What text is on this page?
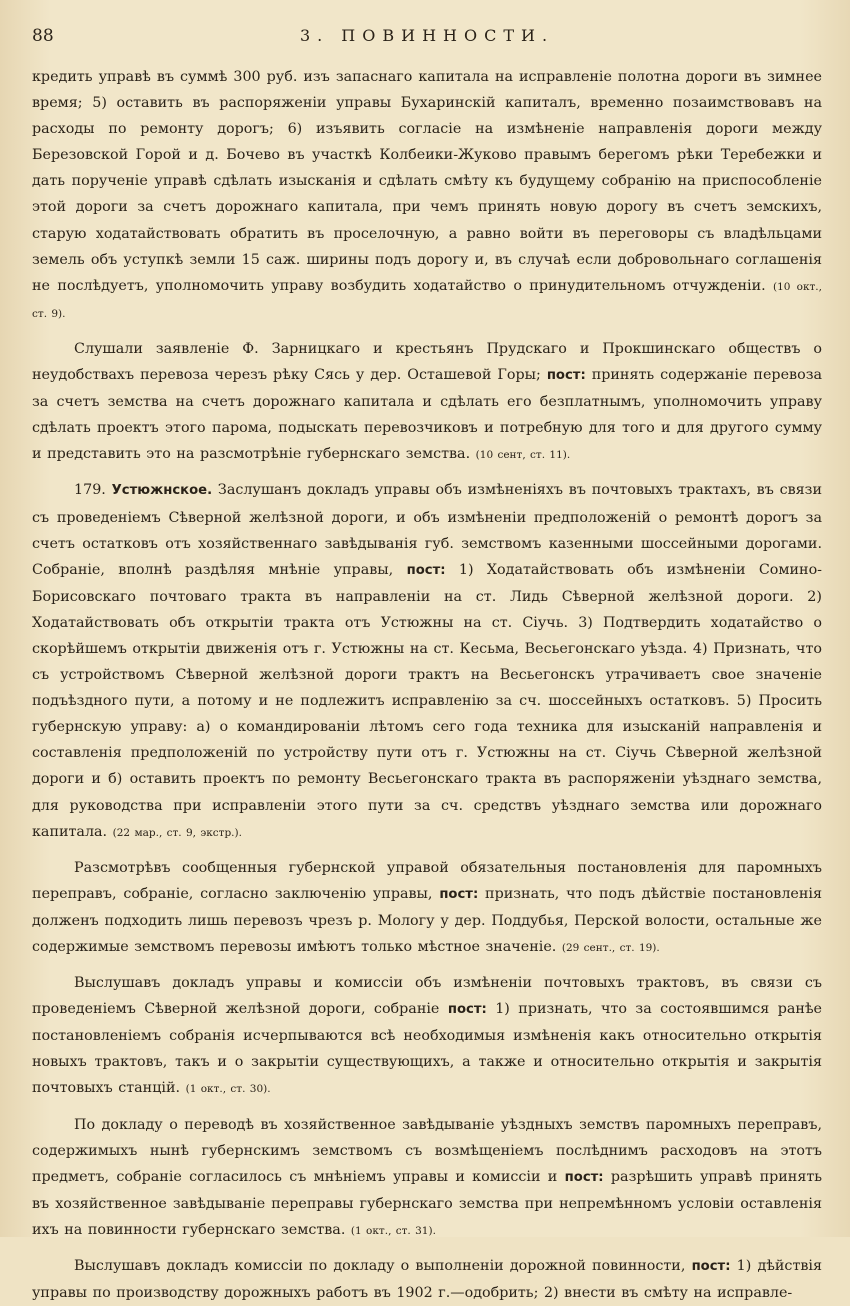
88	3. ПОВИННОСТИ.

кредить управѣ въ суммѣ 300 руб. изъ запаснаго капитала на исправленіе полотна дороги въ зимнее время; 5) оставить въ распоряженіи управы Бухаринскій капиталъ, временно позаимствовавъ на расходы по ремонту дорогъ; 6) изъявить согласіе на измѣненіе направленія дороги между Березовской Горой и д. Бочево въ участкѣ Колбеики-Жуково правымъ берегомъ рѣки Теребежки и дать порученіе управѣ сдѣлать изысканія и сдѣлать смѣту къ будущему собранію на приспособленіе этой дороги за счетъ дорожнаго капитала, при чемъ принять новую дорогу въ счетъ земскихъ, старую ходатайствовать обратить въ проселочную, а равно войти въ переговоры съ владѣльцами земель объ уступкѣ земли 15 саж. ширины подъ дорогу и, въ случаѣ если добровольнаго соглашенія не послѣдуетъ, уполномочить управу возбудить ходатайство о принудительномъ отчужденіи. (10 окт., ст. 9).

Слушали заявленіе Ф. Зарницкаго и крестьянъ Прудскаго и Прокшинскаго обществъ о неудобствахъ перевоза черезъ рѣку Сясь у дер. Осташевой Горы; пост: принять содержаніе перевоза за счетъ земства на счетъ дорожнаго капитала и сдѣлать его безплатнымъ, уполномочить управу сдѣлать проектъ этого парома, подыскать перевозчиковъ и потребную для того и для другого сумму и представить это на разсмотрѣніе губернскаго земства. (10 сент, ст. 11).

179. Устюжнское. Заслушанъ докладъ управы объ измѣненіяхъ въ почтовыхъ трактахъ, въ связи съ проведеніемъ Сѣверной желѣзной дороги, и объ измѣненіи предположеній о ремонтѣ дорогъ за счетъ остатковъ отъ хозяйственнаго завѣдыванія губ. земствомъ казенными шоссейными дорогами. Собраніе, вполнѣ раздѣляя мнѣніе управы, пост: 1) Ходатайствовать объ измѣненіи Сомино-Борисовскаго почтоваго тракта въ направленіи на ст. Лидь Сѣверной желѣзной дороги. 2) Ходатайствовать объ открытіи тракта отъ Устюжны на ст. Сіучь. 3) Подтвердить ходатайство о скорѣйшемъ открытіи движенія отъ г. Устюжны на ст. Кесьма, Весьегонскаго уѣзда. 4) Признать, что съ устройствомъ Сѣверной желѣзной дороги трактъ на Весьегонскъ утрачиваетъ свое значеніе подъѣздного пути, а потому и не подлежитъ исправленію за сч. шоссейныхъ остатковъ. 5) Просить губернскую управу: а) о командированіи лѣтомъ сего года техника для изысканій направленія и составленія предположеній по устройству пути отъ г. Устюжны на ст. Сіучь Сѣверной желѣзной дороги и б) оставить проектъ по ремонту Весьегонскаго тракта въ распоряженіи уѣзднаго земства, для руководства при исправленіи этого пути за сч. средствъ уѣзднаго земства или дорожнаго капитала. (22 мар., ст. 9, экстр.).

Разсмотрѣвъ сообщенныя губернской управой обязательныя постановленія для паромныхъ переправъ, собраніе, согласно заключенію управы, пост: признать, что подъ дѣйствіе постановленія долженъ подходить лишь перевозъ чрезъ р. Мологу у дер. Поддубья, Перской волости, остальные же содержимые земствомъ перевозы имѣютъ только мѣстное значеніе. (29 сент., ст. 19).

Выслушавъ докладъ управы и комиссіи объ измѣненіи почтовыхъ трактовъ, въ связи съ проведеніемъ Сѣверной желѣзной дороги, собраніе пост: 1) признать, что за состоявшимся ранѣе постановленіемъ собранія исчерпываются всѣ необходимыя измѣненія какъ относительно открытія новыхъ трактовъ, такъ и о закрытіи существующихъ, а также и относительно открытія и закрытія почтовыхъ станцій. (1 окт., ст. 30).

По докладу о переводѣ въ хозяйственное завѣдываніе уѣздныхъ земствъ паромныхъ переправъ, содержимыхъ нынѣ губернскимъ земствомъ съ возмѣщеніемъ послѣднимъ расходовъ на этотъ предметъ, собраніе согласилось съ мнѣніемъ управы и комиссіи и пост: разрѣшить управѣ принять въ хозяйственное завѣдываніе переправы губернскаго земства при непремѣнномъ условіи оставленія ихъ на повинности губернскаго земства. (1 окт., ст. 31).

Выслушавъ докладъ комиссіи по докладу о выполненіи дорожной повинности, пост: 1) дѣйствія управы по производству дорожныхъ работъ въ 1902 г.—одобрить; 2) внести въ смѣту на исправле-
